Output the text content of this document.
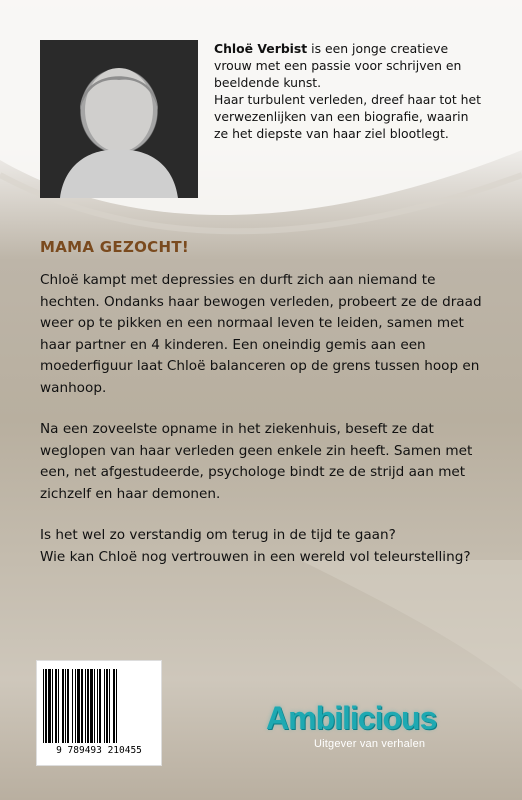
Chloë Verbist is een jonge creatieve vrouw met een passie voor schrijven en beeldende kunst.
Haar turbulent verleden, dreef haar tot het verwezenlijken van een biografie, waarin ze het diepste van haar ziel blootlegt.
MAMA GEZOCHT!

Chloë kampt met depressies en durft zich aan niemand te hechten. Ondanks haar bewogen verleden, probeert ze de draad weer op te pikken en een normaal leven te leiden, samen met haar partner en 4 kinderen. Een oneindig gemis aan een moederfiguur laat Chloë balanceren op de grens tussen hoop en wanhoop.

Na een zoveelste opname in het ziekenhuis, beseft ze dat weglopen van haar verleden geen enkele zin heeft. Samen met een, net afgestudeerde, psychologe bindt ze de strijd aan met zichzelf en haar demonen.

Is het wel zo verstandig om terug in de tijd te gaan?
Wie kan Chloë nog vertrouwen in een wereld vol teleurstelling?

9 789493 210455
Ambilicious
Uitgever van verhalen
